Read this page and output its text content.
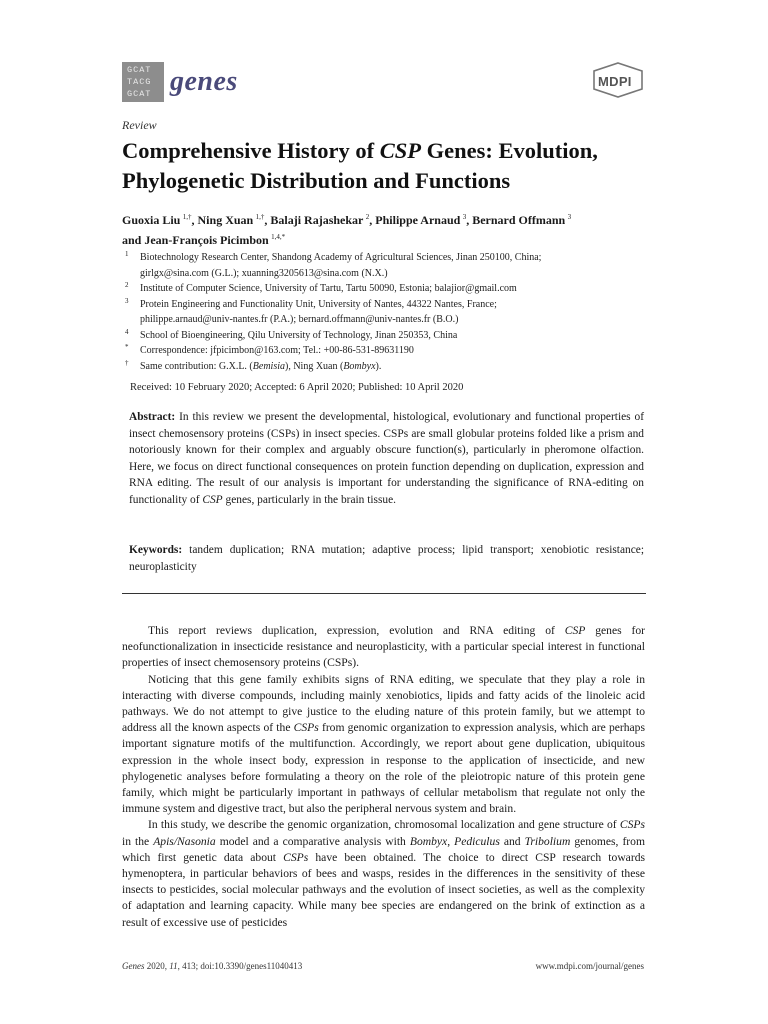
GCAT
TACG
GCAT genes	MDPI
Review
Comprehensive History of CSP Genes: Evolution, Phylogenetic Distribution and Functions
Guoxia Liu  $^{1,\dagger}$, Ning Xuan  $^{1,\dagger}$, Balaji Rajashekar  $^2$, Philippe Arnaud  $^3$, Bernard Offmann  $^3$
and Jean-François Picimbon  $^{1,4,*}$
1 Biotechnology Research Center, Shandong Academy of Agricultural Sciences, Jinan 250100, China;
girlgx@sina.com (G.L.); xuanning3205613@sina.com (N.X.)
2 Institute of Computer Science, University of Tartu, Tartu 50090, Estonia; balajior@gmail.com
3 Protein Engineering and Functionality Unit, University of Nantes, 44322 Nantes, France;
philippe.arnaud@univ-nantes.fr (P.A.); bernard.offmann@univ-nantes.fr (B.O.)
4 School of Bioengineering, Qilu University of Technology, Jinan 250353, China
* Correspondence: jfpicimbon@163.com; Tel.: +00-86-531-89631190
† Same contribution: G.X.L. (Bemisia), Ning Xuan (Bombyx).
Received: 10 February 2020; Accepted: 6 April 2020; Published: 10 April 2020
Abstract: In this review we present the developmental, histological, evolutionary and functional properties of insect chemosensory proteins (CSPs) in insect species. CSPs are small globular proteins folded like a prism and notoriously known for their complex and arguably obscure function(s), particularly in pheromone olfaction. Here, we focus on direct functional consequences on protein function depending on duplication, expression and RNA editing. The result of our analysis is important for understanding the significance of RNA-editing on functionality of CSP genes, particularly in the brain tissue.
Keywords: tandem duplication; RNA mutation; adaptive process; lipid transport; xenobiotic resistance; neuroplasticity

This report reviews duplication, expression, evolution and RNA editing of CSP genes for neofunctionalization in insecticide resistance and neuroplasticity, with a particular special interest in functional properties of insect chemosensory proteins (CSPs).

Noticing that this gene family exhibits signs of RNA editing, we speculate that they play a role in interacting with diverse compounds, including mainly xenobiotics, lipids and fatty acids of the linoleic acid pathways. We do not attempt to give justice to the eluding nature of this protein family, but we attempt to address all the known aspects of the CSPs from genomic organization to expression analysis, which are perhaps important signature motifs of the multifunction. Accordingly, we report about gene duplication, ubiquitous expression in the whole insect body, expression in response to the application of insecticide, and new phylogenetic analyses before formulating a theory on the role of the pleiotropic nature of this protein gene family, which might be particularly important in pathways of cellular metabolism that regulate not only the immune system and digestive tract, but also the peripheral nervous system and brain.

In this study, we describe the genomic organization, chromosomal localization and gene structure of CSPs in the Apis/Nasonia model and a comparative analysis with Bombyx, Pediculus and Tribolium genomes, from which first genetic data about CSPs have been obtained. The choice to direct CSP research towards hymenoptera, in particular behaviors of bees and wasps, resides in the differences in the sensitivity of these insects to pesticides, social molecular pathways and the evolution of insect societies, as well as the complexity of adaptation and learning capacity. While many bee species are endangered on the brink of extinction as a result of excessive use of pesticides

Genes 2020, 11, 413; doi:10.3390/genes11040413	www.mdpi.com/journal/genes
